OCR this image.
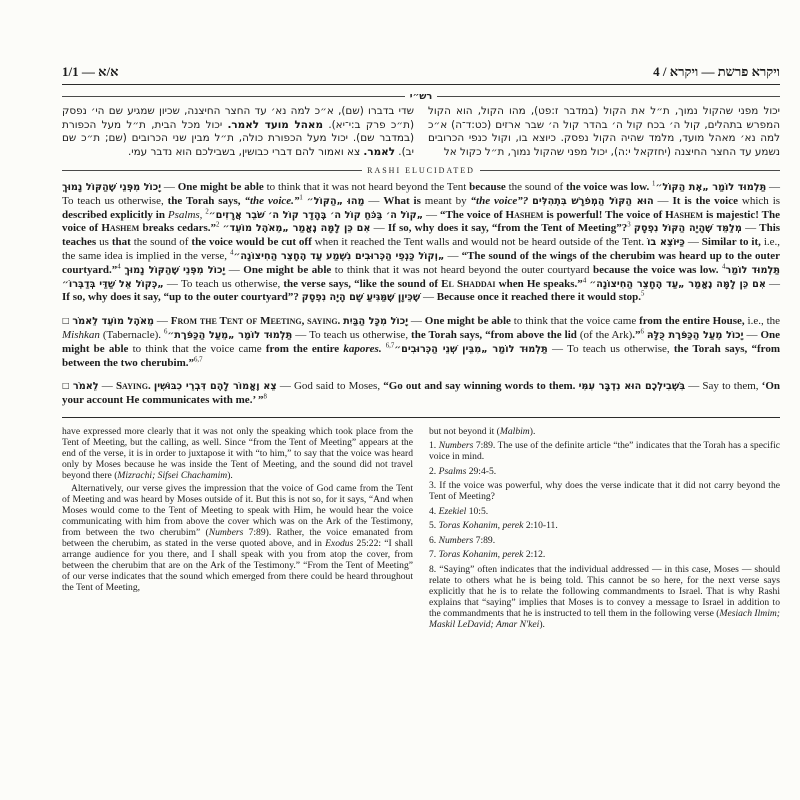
1/1 — א/א	4 / ויקרא — פרשת ויקרא
רש״י
יכול מפני שהקול נמוך, ת״ל את הקול (במדבר ז:פט), מהו הקול, הוא הקול המפרש בתהלים, קול ה׳ בכח קול ה׳ בהדר קול ה׳ שבר ארזים (כט:ד־ה) א״כ למה נא׳ מאהל מועד, מלמד שהיה הקול נפסק. כיוצא בו, וקול כנפי הכרובים נשמע עד החצר החיצנה (יחזקאל י:ה), יכול מפני שהקול נמוך, ת״ל כקול אל
שדי בדברו (שם), א״כ למה נא׳ עד החצר החיצנה, שכיון שמגיע שם הי׳ נפסק (ת״כ פרק ב:י־יא). מאהל מועד לאמר. יכול מכל הבית, ת״ל מעל הכפורת (במדבר שם). יכול מעל הכפורת כולה, ת״ל מבין שני הכרובים (שם; ת״כ שם יב). לאמר. צא ואמור להם דברי כבושין, בשבילכם הוא נדבר עמי.
RASHI ELUCIDATED

יָכוֹל מִפְּנֵי שֶׁהַקּוֹל נָמוּךְ — One might be able to think that it was not heard beyond the Tent because the sound of the voice was low. $^1$תַּלְמוּד לוֹמַר „אֶת הַקּוֹל״ — To teach us otherwise, the Torah says, “the voice.”$^1$ מַהוּ „הַקּוֹל״ — What is meant by “the voice”? הוּא הַקּוֹל הַמְפֹרָשׁ בִּתְהִלִּים — It is the voice which is described explicitly in Psalms, $^2$„קוֹל ה׳ בַּכֹּחַ קוֹל ה׳ בֶּהָדָר קוֹל ה׳ שֹׁבֵר אֲרָזִים״ — “The voice of Hashem is powerful! The voice of Hashem is majestic! The voice of Hashem breaks cedars.”$^2$ אִם כֵּן לָמָּה נֶאֱמַר „מֵאֹהֶל מוֹעֵד״ — If so, why does it say, “from the Tent of Meeting”?$^3$ מְלַמֵּד שֶׁהָיָה הַקּוֹל נִפְסָק — This teaches us that the sound of the voice would be cut off when it reached the Tent walls and would not be heard outside of the Tent. כַּיּוֹצֵא בוֹ — Similar to it, i.e., the same idea is implied in the verse, $^4$„וְקוֹל כַּנְפֵי הַכְּרוּבִים נִשְׁמַע עַד הֶחָצֵר הַחִיצוֹנָה״ — “The sound of the wings of the cherubim was heard up to the outer courtyard.”$^4$ יָכוֹל מִפְּנֵי שֶׁהַקּוֹל נָמוּךְ — One might be able to think that it was not heard beyond the outer courtyard because the voice was low. $^4$תַּלְמוּד לוֹמַר „כְּקוֹל אֵל שַׁדַּי בְּדַבְּרוֹ״ — To teach us otherwise, the verse says, “like the sound of El Shaddai when He speaks.”$^4$ אִם כֵּן לָמָּה נֶאֱמַר „עַד הֶחָצֵר הַחִיצוֹנָה״ — If so, why does it say, “up to the outer courtyard”? שֶׁכֵּיוָן שֶׁמַּגִּיעַ שָׁם הָיָה נִפְסָק — Because once it reached there it would stop.$^5$

□ מֵאֹהֶל מוֹעֵד לֵאמֹר — From the Tent of Meeting, saying. יָכוֹל מִכָּל הַבַּיִת — One might be able to think that the voice came from the entire House, i.e., the Mishkan (Tabernacle). $^6$תַּלְמוּד לוֹמַר „מֵעַל הַכַּפֹּרֶת״ — To teach us otherwise, the Torah says, “from above the lid (of the Ark).”$^6$ יָכוֹל מֵעַל הַכַּפֹּרֶת כֻּלָּהּ — One might be able to think that the voice came from the entire kapores. $^{6,7}$תַּלְמוּד לוֹמַר „מִבֵּין שְׁנֵי הַכְּרוּבִים״ — To teach us otherwise, the Torah says, “from between the two cherubim.”$^{6,7}$

□ לֵאמֹר — Saying. צֵא וֶאֱמוֹר לָהֶם דִּבְרֵי כִבּוּשִׁין — God said to Moses, “Go out and say winning words to them. בִּשְׁבִילְכֶם הוּא נִדְבָּר עִמִּי — Say to them, ‘On your account He communicates with me.’ ”$^8$

have expressed more clearly that it was not only the speaking which took place from the Tent of Meeting, but the calling, as well. Since “from the Tent of Meeting” appears at the end of the verse, it is in order to juxtapose it with “to him,” to say that the voice was heard only by Moses because he was inside the Tent of Meeting, and the sound did not travel beyond there (Mizrachi; Sifsei Chachamim).

Alternatively, our verse gives the impression that the voice of God came from the Tent of Meeting and was heard by Moses outside of it. But this is not so, for it says, “And when Moses would come to the Tent of Meeting to speak with Him, he would hear the voice communicating with him from above the cover which was on the Ark of the Testimony, from between the two cherubim” (Numbers 7:89). Rather, the voice emanated from between the cherubim, as stated in the verse quoted above, and in Exodus 25:22: “I shall arrange audience for you there, and I shall speak with you from atop the cover, from between the cherubim that are on the Ark of the Testimony.” “From the Tent of Meeting” of our verse indicates that the sound which emerged from there could be heard throughout the Tent of Meeting,

but not beyond it (Malbim).

1. Numbers 7:89. The use of the definite article “the” indicates that the Torah has a specific voice in mind.

2. Psalms 29:4-5.

3. If the voice was powerful, why does the verse indicate that it did not carry beyond the Tent of Meeting?

4. Ezekiel 10:5.

5. Toras Kohanim, perek 2:10-11.

6. Numbers 7:89.

7. Toras Kohanim, perek 2:12.

8. “Saying” often indicates that the individual addressed — in this case, Moses — should relate to others what he is being told. This cannot be so here, for the next verse says explicitly that he is to relate the following commandments to Israel. That is why Rashi explains that “saying” implies that Moses is to convey a message to Israel in addition to the commandments that he is instructed to tell them in the following verse (Mesiach Ilmim; Maskil LeDavid; Amar N'kei).
